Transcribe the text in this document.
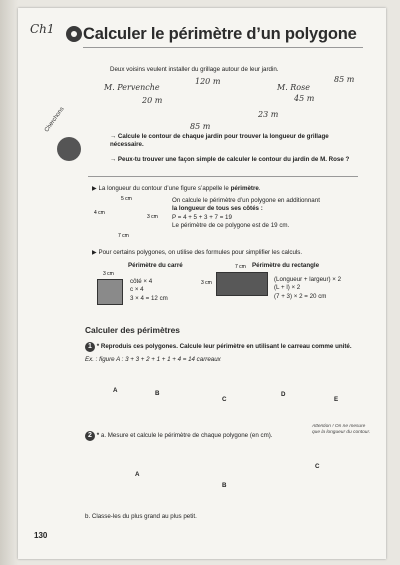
Ch1 Calculer le périmètre d’un polygone
Deux voisins veulent installer du grillage autour de leur jardin.
M. Pervenche
120 m
20 m
23 m
85 m
M. Rose
85 m
45 m
Cherchons
→ Calcule le contour de chaque jardin pour trouver la longueur de grillage nécessaire.
→ Peux-tu trouver une façon simple de calculer le contour du jardin de M. Rose ?
▶ La longueur du contour d’une figure s’appelle le périmètre.
5 cm
4 cm
3 cm
7 cm
On calcule le périmètre d’un polygone en additionnant
la longueur de tous ses côtés :
P = 4 + 5 + 3 + 7 = 19
Le périmètre de ce polygone est de 19 cm.
▶ Pour certains polygones, on utilise des formules pour simplifier les calculs.
Périmètre du carré
3 cm
côté × 4
c × 4
3 × 4 = 12 cm
Périmètre du rectangle
7 cm
3 cm	(Longueur + largeur) × 2
(L + l) × 2
(7 + 3) × 2 = 20 cm
Calculer des périmètres
1 * Reproduis ces polygones. Calcule leur périmètre en utilisant le carreau comme unité.
Ex. : figure A : 3 + 3 + 2 + 1 + 1 + 4 = 14 carreaux
A	B
C
D
E
2 * a. Mesure et calcule le périmètre de chaque polygone (en cm).
Attention ! On ne mesure que la longueur du contour.
A
B
C
b. Classe-les du plus grand au plus petit.
130
